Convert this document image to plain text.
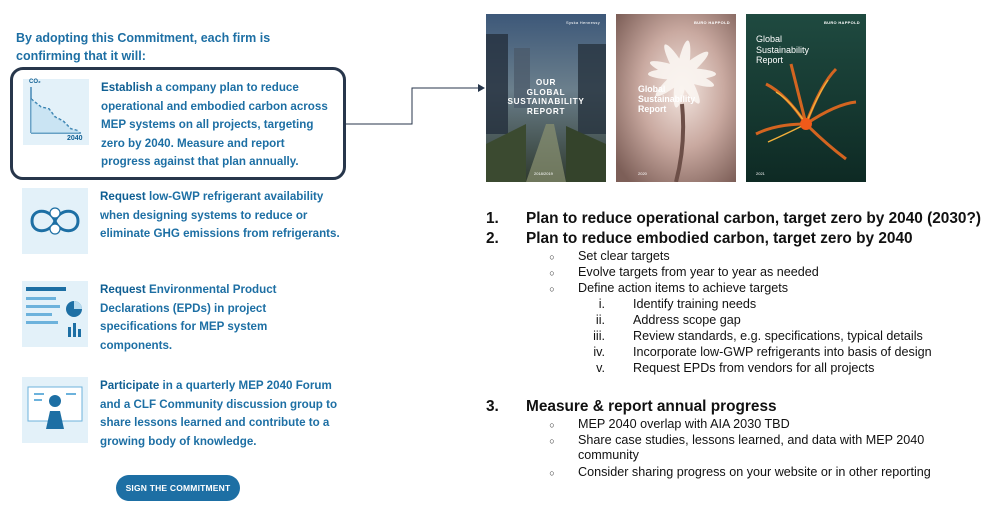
By adopting this Commitment, each firm is confirming that it will:
CO₂
2040
Establish a company plan to reduce operational and embodied carbon across MEP systems on all projects, targeting zero by 2040. Measure and report progress against that plan annually.
Request low-GWP refrigerant availability when designing systems to reduce or eliminate GHG emissions from refrigerants.
Request Environmental Product Declarations (EPDs) in project specifications for MEP system components.
Participate in a quarterly MEP 2040 Forum and a CLF Community discussion group to share lessons learned and contribute to a growing body of knowledge.
SIGN THE COMMITMENT
Syska Hennessy
OUR
GLOBAL
SUSTAINABILITY
REPORT
2018/2019
BURO HAPPOLD
Global
Sustainability
Report
2020
BURO HAPPOLD
Global
Sustainability
Report
2021
1.	Plan to reduce operational carbon, target zero by 2040 (2030?)
2.	Plan to reduce embodied carbon, target zero by 2040
○	Set clear targets
○	Evolve targets from year to year as needed
○	Define action items to achieve targets
i. Identify training needs
ii. Address scope gap
iii. Review standards, e.g. specifications, typical details
iv. Incorporate low-GWP refrigerants into basis of design
v. Request EPDs from vendors for all projects
3.	Measure & report annual progress
○	MEP 2040 overlap with AIA 2030 TBD
○	Share case studies, lessons learned, and data with MEP 2040 community
○	Consider sharing progress on your website or in other reporting
